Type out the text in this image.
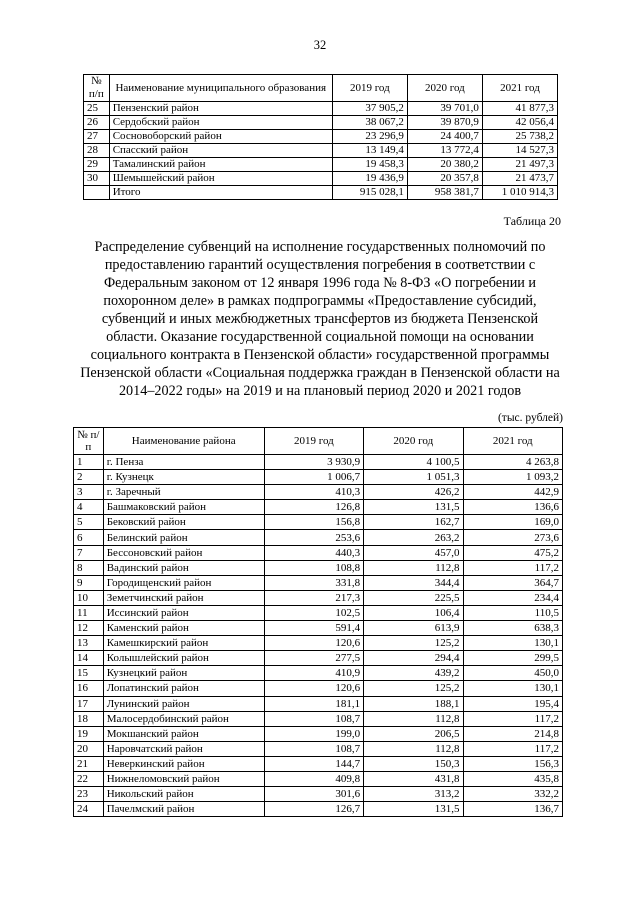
32
№ п/п	Наименование муниципального образования	2019 год	2020 год	2021 год
25	Пензенский район	37 905,2	39 701,0	41 877,3
26	Сердобский район	38 067,2	39 870,9	42 056,4
27	Сосновоборский район	23 296,9	24 400,7	25 738,2
28	Спасский район	13 149,4	13 772,4	14 527,3
29	Тамалинский район	19 458,3	20 380,2	21 497,3
30	Шемышейский район	19 436,9	20 357,8	21 473,7
	Итого	915 028,1	958 381,7	1 010 914,3
Таблица 20
Распределение субвенций на исполнение государственных полномочий по предоставлению гарантий осуществления погребения в соответствии с Федеральным законом от 12 января 1996 года № 8-ФЗ «О погребении и похоронном деле» в рамках подпрограммы «Предоставление субсидий, субвенций и иных межбюджетных трансфертов из бюджета Пензенской области. Оказание государственной социальной помощи на основании социального контракта в Пензенской области» государственной программы Пензенской области «Социальная поддержка граждан в Пензенской области на 2014–2022 годы» на 2019 и на плановый период 2020 и 2021 годов
(тыс. рублей)
№ п/п	Наименование района	2019 год	2020 год	2021 год
1	г. Пенза	3 930,9	4 100,5	4 263,8
2	г. Кузнецк	1 006,7	1 051,3	1 093,2
3	г. Заречный	410,3	426,2	442,9
4	Башмаковский район	126,8	131,5	136,6
5	Бековский район	156,8	162,7	169,0
6	Белинский район	253,6	263,2	273,6
7	Бессоновский район	440,3	457,0	475,2
8	Вадинский район	108,8	112,8	117,2
9	Городищенский район	331,8	344,4	364,7
10	Земетчинский район	217,3	225,5	234,4
11	Иссинский район	102,5	106,4	110,5
12	Каменский район	591,4	613,9	638,3
13	Камешкирский район	120,6	125,2	130,1
14	Колышлейский район	277,5	294,4	299,5
15	Кузнецкий район	410,9	439,2	450,0
16	Лопатинский район	120,6	125,2	130,1
17	Лунинский район	181,1	188,1	195,4
18	Малосердобинский район	108,7	112,8	117,2
19	Мокшанский район	199,0	206,5	214,8
20	Наровчатский район	108,7	112,8	117,2
21	Неверкинский район	144,7	150,3	156,3
22	Нижнеломовский район	409,8	431,8	435,8
23	Никольский район	301,6	313,2	332,2
24	Пачелмский район	126,7	131,5	136,7
